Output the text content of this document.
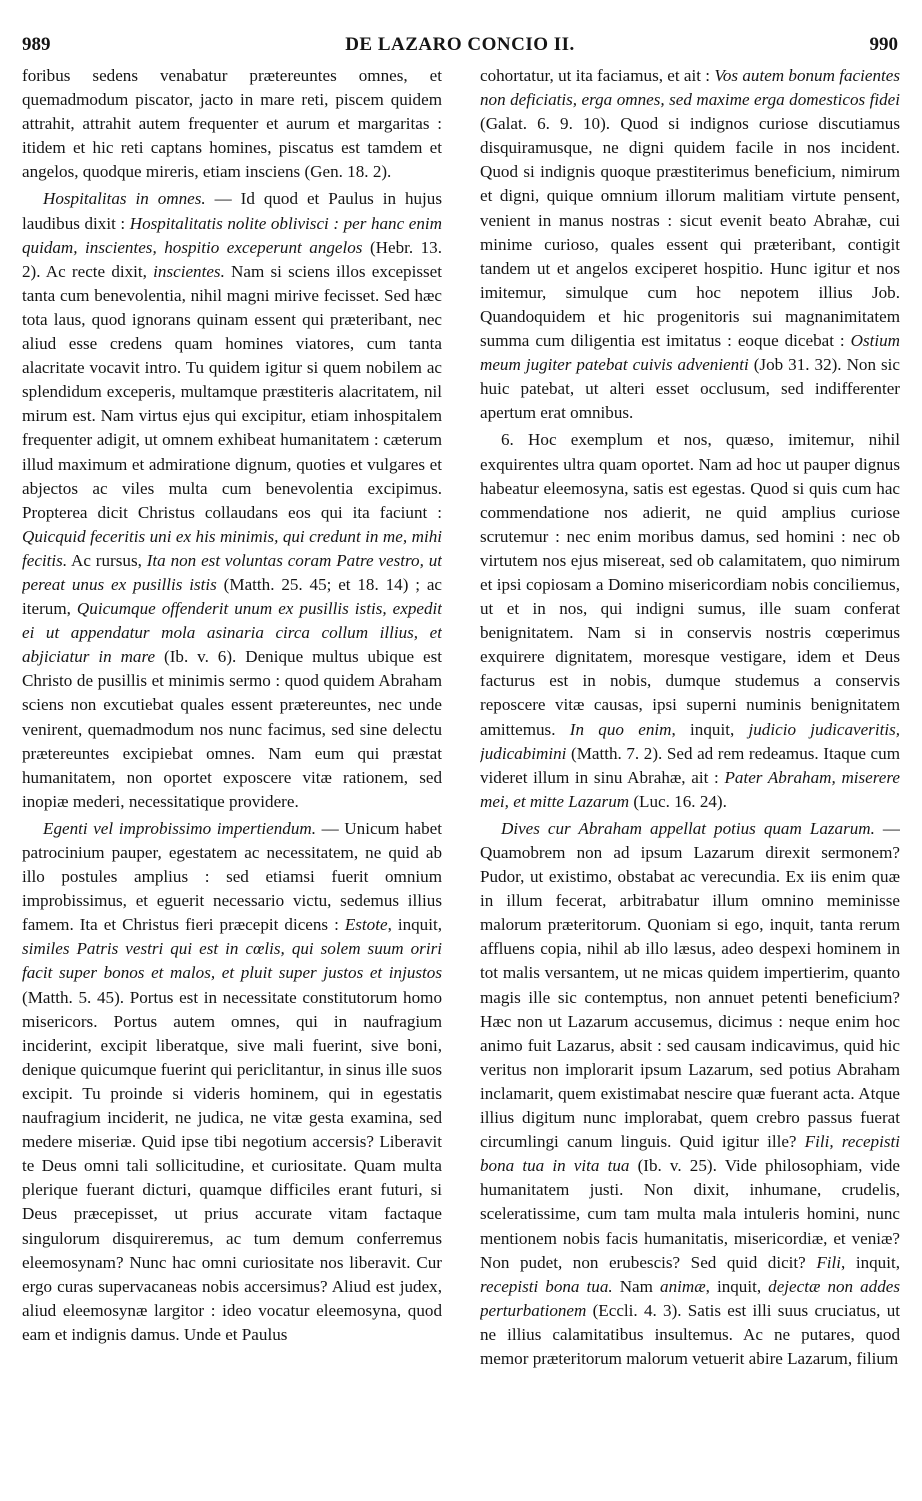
989	DE LAZARO CONCIO II.	990

foribus sedens venabatur prætereuntes omnes, et quemadmodum piscator, jacto in mare reti, piscem quidem attrahit, attrahit autem frequenter et aurum et margaritas : itidem et hic reti captans homines, piscatus est tamdem et angelos, quodque mireris, etiam insciens (Gen. 18. 2).

Hospitalitas in omnes. — Id quod et Paulus in hujus laudibus dixit : Hospitalitatis nolite oblivisci : per hanc enim quidam, inscientes, hospitio exceperunt angelos (Hebr. 13. 2). Ac recte dixit, inscientes. Nam si sciens illos excepisset tanta cum benevolentia, nihil magni mirive fecisset. Sed hæc tota laus, quod ignorans quinam essent qui præteribant, nec aliud esse credens quam homines viatores, cum tanta alacritate vocavit intro. Tu quidem igitur si quem nobilem ac splendidum exceperis, multamque præstiteris alacritatem, nil mirum est. Nam virtus ejus qui excipitur, etiam inhospitalem frequenter adigit, ut omnem exhibeat humanitatem : cæterum illud maximum et admiratione dignum, quoties et vulgares et abjectos ac viles multa cum benevolentia excipimus. Propterea dicit Christus collaudans eos qui ita faciunt : Quicquid feceritis uni ex his minimis, qui credunt in me, mihi fecitis. Ac rursus, Ita non est voluntas coram Patre vestro, ut pereat unus ex pusillis istis (Matth. 25. 45; et 18. 14) ; ac iterum, Quicumque offenderit unum ex pusillis istis, expedit ei ut appendatur mola asinaria circa collum illius, et abjiciatur in mare (Ib. v. 6). Denique multus ubique est Christo de pusillis et minimis sermo : quod quidem Abraham sciens non excutiebat quales essent prætereuntes, nec unde venirent, quemadmodum nos nunc facimus, sed sine delectu prætereuntes excipiebat omnes. Nam eum qui præstat humanitatem, non oportet exposcere vitæ rationem, sed inopiæ mederi, necessitatique providere.

Egenti vel improbissimo impertiendum. — Unicum habet patrocinium pauper, egestatem ac necessitatem, ne quid ab illo postules amplius : sed etiamsi fuerit omnium improbissimus, et eguerit necessario victu, sedemus illius famem. Ita et Christus fieri præcepit dicens : Estote, inquit, similes Patris vestri qui est in cœlis, qui solem suum oriri facit super bonos et malos, et pluit super justos et injustos (Matth. 5. 45). Portus est in necessitate constitutorum homo misericors. Portus autem omnes, qui in naufragium inciderint, excipit liberatque, sive mali fuerint, sive boni, denique quicumque fuerint qui periclitantur, in sinus ille suos excipit. Tu proinde si videris hominem, qui in egestatis naufragium inciderit, ne judica, ne vitæ gesta examina, sed medere miseriæ. Quid ipse tibi negotium accersis? Liberavit te Deus omni tali sollicitudine, et curiositate. Quam multa plerique fuerant dicturi, quamque difficiles erant futuri, si Deus præcepisset, ut prius accurate vitam factaque singulorum disquireremus, ac tum demum conferremus eleemosynam? Nunc hac omni curiositate nos liberavit. Cur ergo curas supervacaneas nobis accersimus? Aliud est judex, aliud eleemosynæ largitor : ideo vocatur eleemosyna, quod eam et indignis damus. Unde et Paulus

cohortatur, ut ita faciamus, et ait : Vos autem bonum facientes non deficiatis, erga omnes, sed maxime erga domesticos fidei (Galat. 6. 9. 10). Quod si indignos curiose discutiamus disquiramusque, ne digni quidem facile in nos incident. Quod si indignis quoque præstiterimus beneficium, nimirum et digni, quique omnium illorum malitiam virtute pensent, venient in manus nostras : sicut evenit beato Abrahæ, cui minime curioso, quales essent qui præteribant, contigit tandem ut et angelos exciperet hospitio. Hunc igitur et nos imitemur, simulque cum hoc nepotem illius Job. Quandoquidem et hic progenitoris sui magnanimitatem summa cum diligentia est imitatus : eoque dicebat : Ostium meum jugiter patebat cuivis advenienti (Job 31. 32). Non sic huic patebat, ut alteri esset occlusum, sed indifferenter apertum erat omnibus.

6. Hoc exemplum et nos, quæso, imitemur, nihil exquirentes ultra quam oportet. Nam ad hoc ut pauper dignus habeatur eleemosyna, satis est egestas. Quod si quis cum hac commendatione nos adierit, ne quid amplius curiose scrutemur : nec enim moribus damus, sed homini : nec ob virtutem nos ejus misereat, sed ob calamitatem, quo nimirum et ipsi copiosam a Domino misericordiam nobis conciliemus, ut et in nos, qui indigni sumus, ille suam conferat benignitatem. Nam si in conservis nostris cœperimus exquirere dignitatem, moresque vestigare, idem et Deus facturus est in nobis, dumque studemus a conservis reposcere vitæ causas, ipsi superni numinis benignitatem amittemus. In quo enim, inquit, judicio judicaveritis, judicabimini (Matth. 7. 2). Sed ad rem redeamus. Itaque cum videret illum in sinu Abrahæ, ait : Pater Abraham, miserere mei, et mitte Lazarum (Luc. 16. 24).

Dives cur Abraham appellat potius quam Lazarum. — Quamobrem non ad ipsum Lazarum direxit sermonem? Pudor, ut existimo, obstabat ac verecundia. Ex iis enim quæ in illum fecerat, arbitrabatur illum omnino meminisse malorum præteritorum. Quoniam si ego, inquit, tanta rerum affluens copia, nihil ab illo læsus, adeo despexi hominem in tot malis versantem, ut ne micas quidem impertierim, quanto magis ille sic contemptus, non annuet petenti beneficium? Hæc non ut Lazarum accusemus, dicimus : neque enim hoc animo fuit Lazarus, absit : sed causam indicavimus, quid hic veritus non implorarit ipsum Lazarum, sed potius Abraham inclamarit, quem existimabat nescire quæ fuerant acta. Atque illius digitum nunc implorabat, quem crebro passus fuerat circumlingi canum linguis. Quid igitur ille? Fili, recepisti bona tua in vita tua (Ib. v. 25). Vide philosophiam, vide humanitatem justi. Non dixit, inhumane, crudelis, sceleratissime, cum tam multa mala intuleris homini, nunc mentionem nobis facis humanitatis, misericordiæ, et veniæ? Non pudet, non erubescis? Sed quid dicit? Fili, inquit, recepisti bona tua. Nam animæ, inquit, dejectæ non addes perturbationem (Eccli. 4. 3). Satis est illi suus cruciatus, ut ne illius calamitatibus insultemus. Ac ne putares, quod memor præteritorum malorum vetuerit abire Lazarum, filium
